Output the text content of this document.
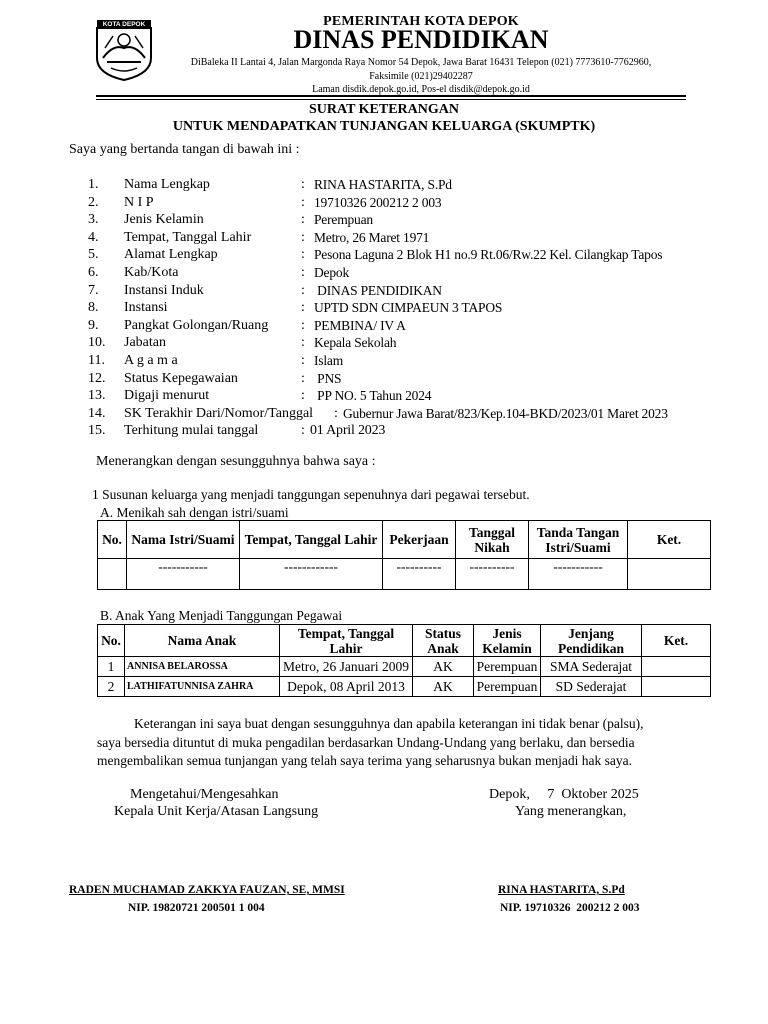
KOTA DEPOK	PEMERINTAH KOTA DEPOK
DINAS PENDIDIKAN
DiBaleka II Lantai 4, Jalan Margonda Raya Nomor 54 Depok, Jawa Barat 16431 Telepon (021) 7773610-7762960,
Faksimile (021)29402287
Laman disdik.depok.go.id, Pos-el disdik@depok.go.id
SURAT KETERANGAN
UNTUK MENDAPATKAN TUNJANGAN KELUARGA (SKUMPTK)
Saya yang bertanda tangan di bawah ini :
1. Nama Lengkap	: RINA HASTARITA, S.Pd
2. N I P	: 19710326 200212 2 003
3. Jenis Kelamin	: Perempuan
4. Tempat, Tanggal Lahir	: Metro, 26 Maret 1971
5. Alamat Lengkap	: Pesona Laguna 2 Blok H1 no.9 Rt.06/Rw.22 Kel. Cilangkap Tapos
6. Kab/Kota	: Depok
7. Instansi Induk	: DINAS PENDIDIKAN
8. Instansi	: UPTD SDN CIMPAEUN 3 TAPOS
9. Pangkat Golongan/Ruang : PEMBINA/ IV A
10. Jabatan	: Kepala Sekolah
11. A g a m a	: Islam
12. Status Kepegawaian	: PNS
13. Digaji menurut	: PP NO. 5 Tahun 2024
14. SK Terakhir Dari/Nomor/Tanggal : Gubernur Jawa Barat/823/Kep.104-BKD/2023/01 Maret 2023
15. Terhitung mulai tanggal	: 01 April 2023
Menerangkan dengan sesungguhnya bahwa saya :
1 Susunan keluarga yang menjadi tanggungan sepenuhnya dari pegawai tersebut.
A. Menikah sah dengan istri/suami
No.	Nama Istri/Suami	Tempat, Tanggal Lahir	Pekerjaan	Tanggal Nikah	Tanda Tangan Istri/Suami	Ket.
	-----------	------------	----------	----------	-----------	
B. Anak Yang Menjadi Tanggungan Pegawai
No.	Nama Anak	Tempat, Tanggal Lahir	Status Anak	Jenis Kelamin	Jenjang Pendidikan	Ket.
1	ANNISA BELAROSSA	Metro, 26 Januari 2009	AK	Perempuan	SMA Sederajat	
2	LATHIFATUNNISA ZAHRA	Depok, 08 April 2013	AK	Perempuan	SD Sederajat	
Keterangan ini saya buat dengan sesungguhnya dan apabila keterangan ini tidak benar (palsu),
saya bersedia dituntut di muka pengadilan berdasarkan Undang-Undang yang berlaku, dan bersedia
mengembalikan semua tunjangan yang telah saya terima yang seharusnya bukan menjadi hak saya.
Mengetahui/Mengesahkan
Kepala Unit Kerja/Atasan Langsung
Depok,     7  Oktober 2025
Yang menerangkan,
RADEN MUCHAMAD ZAKKYA FAUZAN, SE, MMSI
NIP. 19820721 200501 1 004
RINA HASTARITA, S.Pd
NIP. 19710326  200212 2 003
